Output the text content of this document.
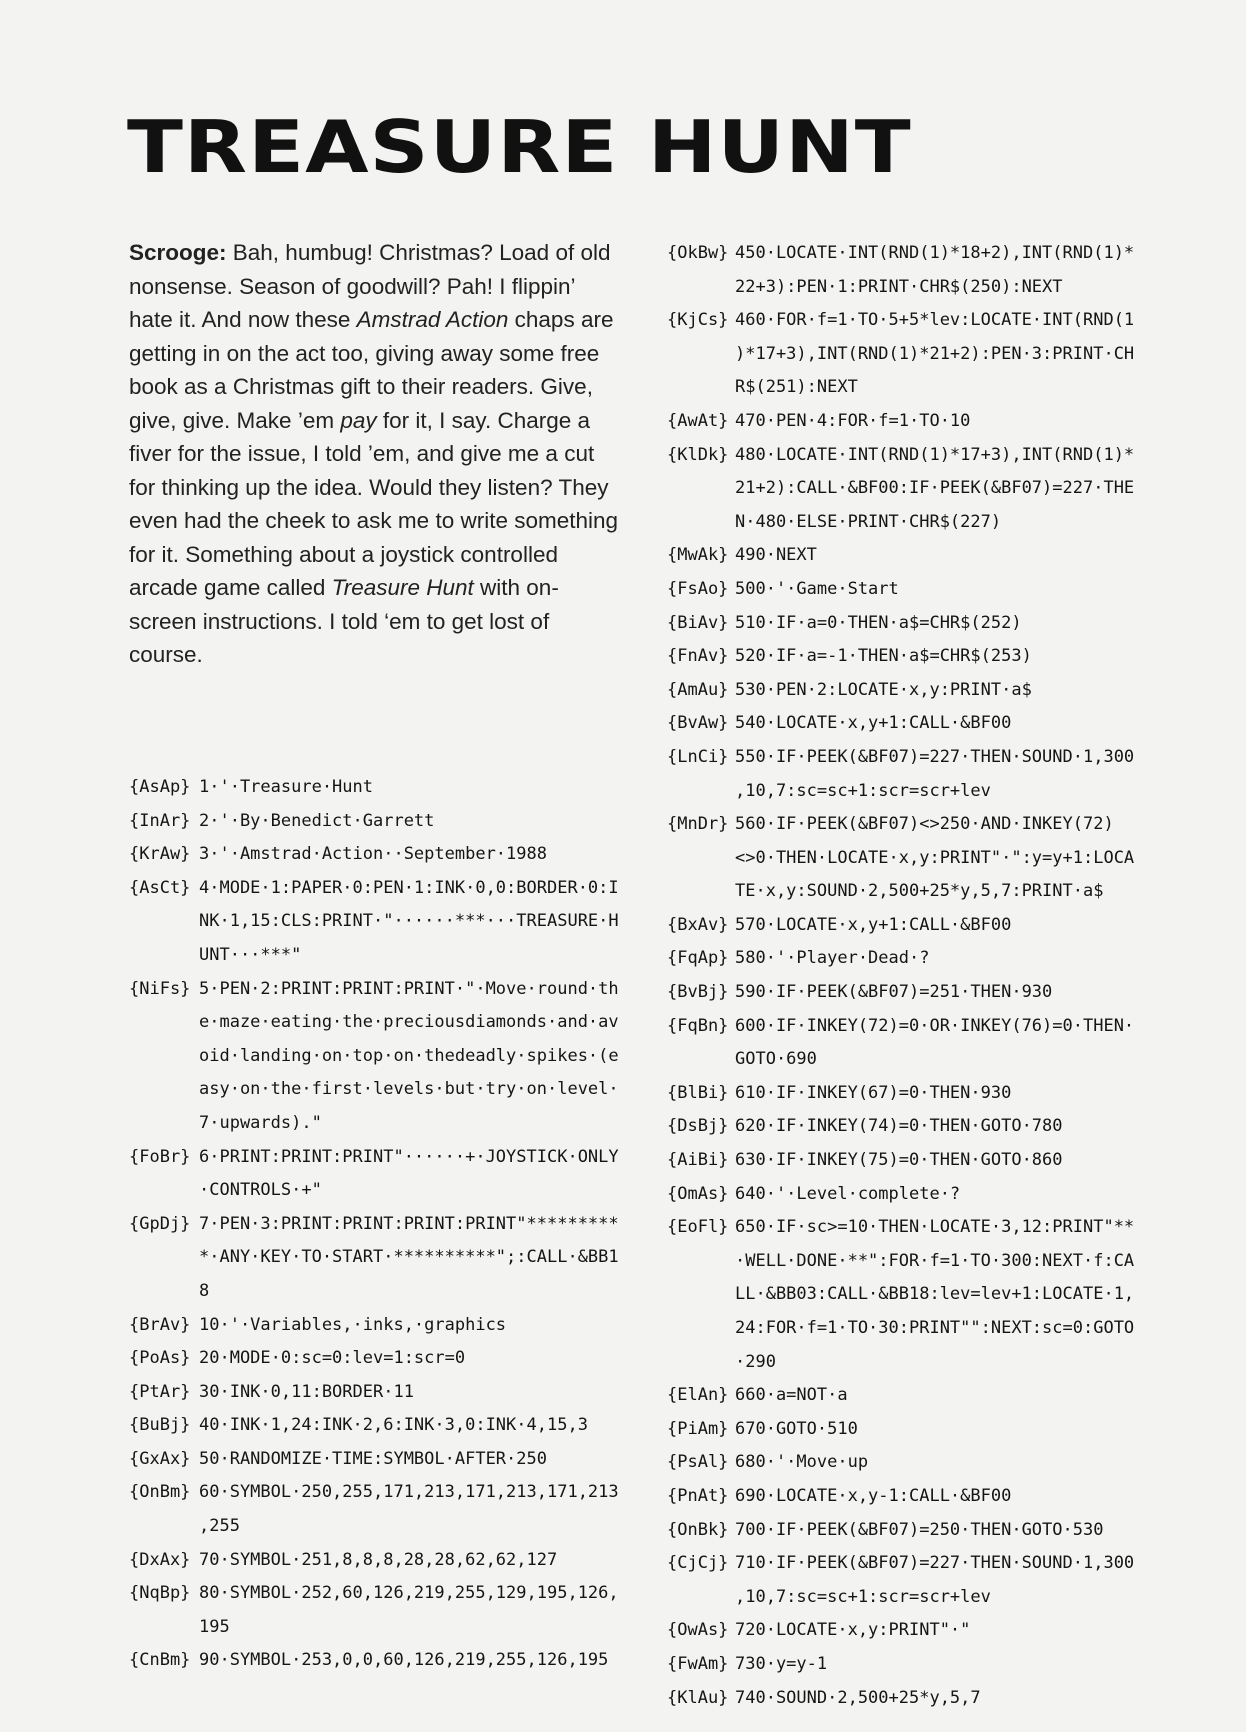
TREASURE HUNT

Scrooge: Bah, humbug! Christmas? Load of old nonsense. Season of goodwill? Pah! I flippin’ hate it. And now these Amstrad Action chaps are getting in on the act too, giving away some free book as a Christmas gift to their readers. Give, give, give. Make ’em pay for it, I say. Charge a fiver for the issue, I told ’em, and give me a cut for thinking up the idea. Would they listen? They even had the cheek to ask me to write something for it. Something about a joystick controlled arcade game called Treasure Hunt with on-screen instructions. I told ‘em to get lost of course.

{AsAp} 1·'·Treasure·Hunt
{InAr} 2·'·By·Benedict·Garrett
{KrAw} 3·'·Amstrad·Action··September·1988
{AsCt} 4·MODE·1:PAPER·0:PEN·1:INK·0,0:BORDER·0:INK·1,15:CLS:PRINT·"······***···TREASURE·HUNT···***"
{NiFs} 5·PEN·2:PRINT:PRINT:PRINT·"·Move·round·the·maze·eating·the·preciousdiamonds·and·avoid·landing·on·top·on·thedeadly·spikes·(easy·on·the·first·levels·but·try·on·level·7·upwards)."
{FoBr} 6·PRINT:PRINT:PRINT"······+·JOYSTICK·ONLY·CONTROLS·+"
{GpDj} 7·PEN·3:PRINT:PRINT:PRINT:PRINT"**********·ANY·KEY·TO·START·**********";:CALL·&BB18
{BrAv} 10·'·Variables,·inks,·graphics
{PoAs} 20·MODE·0:sc=0:lev=1:scr=0
{PtAr} 30·INK·0,11:BORDER·11
{BuBj} 40·INK·1,24:INK·2,6:INK·3,0:INK·4,15,3
{GxAx} 50·RANDOMIZE·TIME:SYMBOL·AFTER·250
{OnBm} 60·SYMBOL·250,255,171,213,171,213,171,213,255
{DxAx} 70·SYMBOL·251,8,8,8,28,28,62,62,127
{NqBp} 80·SYMBOL·252,60,126,219,255,129,195,126,195
{CnBm} 90·SYMBOL·253,0,0,60,126,219,255,126,195
{OkBw} 450·LOCATE·INT(RND(1)*18+2),INT(RND(1)*22+3):PEN·1:PRINT·CHR$(250):NEXT
{KjCs} 460·FOR·f=1·TO·5+5*lev:LOCATE·INT(RND(1)*17+3),INT(RND(1)*21+2):PEN·3:PRINT·CHR$(251):NEXT
{AwAt} 470·PEN·4:FOR·f=1·TO·10
{KlDk} 480·LOCATE·INT(RND(1)*17+3),INT(RND(1)*21+2):CALL·&BF00:IF·PEEK(&BF07)=227·THEN·480·ELSE·PRINT·CHR$(227)
{MwAk} 490·NEXT
{FsAo} 500·'·Game·Start
{BiAv} 510·IF·a=0·THEN·a$=CHR$(252)
{FnAv} 520·IF·a=-1·THEN·a$=CHR$(253)
{AmAu} 530·PEN·2:LOCATE·x,y:PRINT·a$
{BvAw} 540·LOCATE·x,y+1:CALL·&BF00
{LnCi} 550·IF·PEEK(&BF07)=227·THEN·SOUND·1,300,10,7:sc=sc+1:scr=scr+lev
{MnDr} 560·IF·PEEK(&BF07)<>250·AND·INKEY(72)<>0·THEN·LOCATE·x,y:PRINT"·":y=y+1:LOCATE·x,y:SOUND·2,500+25*y,5,7:PRINT·a$
{BxAv} 570·LOCATE·x,y+1:CALL·&BF00
{FqAp} 580·'·Player·Dead·?
{BvBj} 590·IF·PEEK(&BF07)=251·THEN·930
{FqBn} 600·IF·INKEY(72)=0·OR·INKEY(76)=0·THEN·GOTO·690
{BlBi} 610·IF·INKEY(67)=0·THEN·930
{DsBj} 620·IF·INKEY(74)=0·THEN·GOTO·780
{AiBi} 630·IF·INKEY(75)=0·THEN·GOTO·860
{OmAs} 640·'·Level·complete·?
{EoFl} 650·IF·sc>=10·THEN·LOCATE·3,12:PRINT"**·WELL·DONE·**":FOR·f=1·TO·300:NEXT·f:CALL·&BB03:CALL·&BB18:lev=lev+1:LOCATE·1,24:FOR·f=1·TO·30:PRINT"":NEXT:sc=0:GOTO·290
{ElAn} 660·a=NOT·a
{PiAm} 670·GOTO·510
{PsAl} 680·'·Move·up
{PnAt} 690·LOCATE·x,y-1:CALL·&BF00
{OnBk} 700·IF·PEEK(&BF07)=250·THEN·GOTO·530
{CjCj} 710·IF·PEEK(&BF07)=227·THEN·SOUND·1,300,10,7:sc=sc+1:scr=scr+lev
{OwAs} 720·LOCATE·x,y:PRINT"·"
{FwAm} 730·y=y-1
{KlAu} 740·SOUND·2,500+25*y,5,7
